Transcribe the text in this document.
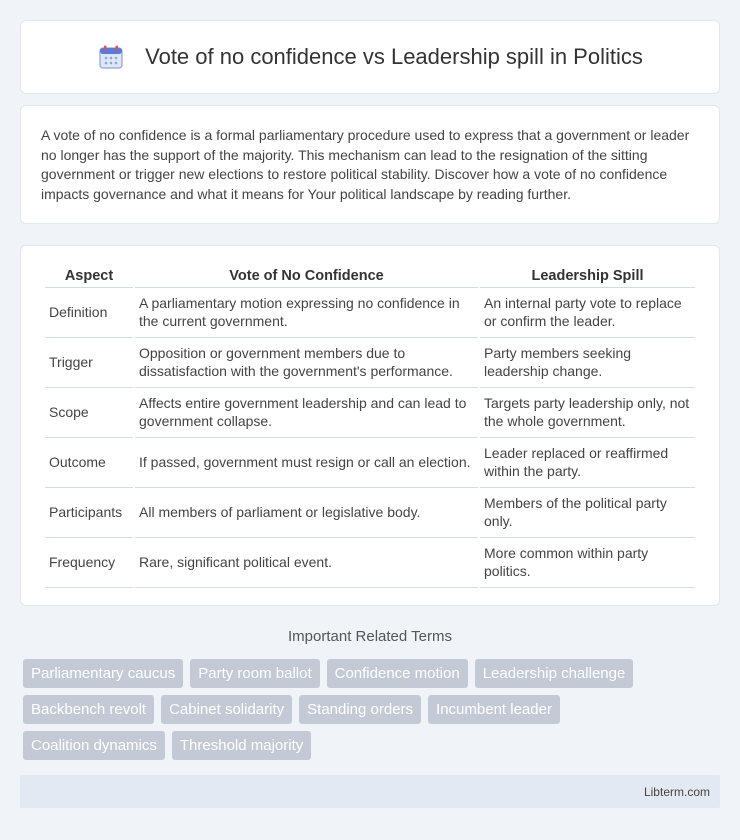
Vote of no confidence vs Leadership spill in Politics

A vote of no confidence is a formal parliamentary procedure used to express that a government or leader no longer has the support of the majority. This mechanism can lead to the resignation of the sitting government or trigger new elections to restore political stability. Discover how a vote of no confidence impacts governance and what it means for Your political landscape by reading further.

Aspect	Vote of No Confidence	Leadership Spill
Definition	A parliamentary motion expressing no confidence in the current government.	An internal party vote to replace or confirm the leader.
Trigger	Opposition or government members due to dissatisfaction with the government's performance.	Party members seeking leadership change.
Scope	Affects entire government leadership and can lead to government collapse.	Targets party leadership only, not the whole government.
Outcome	If passed, government must resign or call an election.	Leader replaced or reaffirmed within the party.
Participants	All members of parliament or legislative body.	Members of the political party only.
Frequency	Rare, significant political event.	More common within party politics.
Important Related Terms
Parliamentary caucus	Party room ballot	Confidence motion	Leadership challenge
Backbench revolt	Cabinet solidarity	Standing orders	Incumbent leader
Coalition dynamics	Threshold majority
Libterm.com
